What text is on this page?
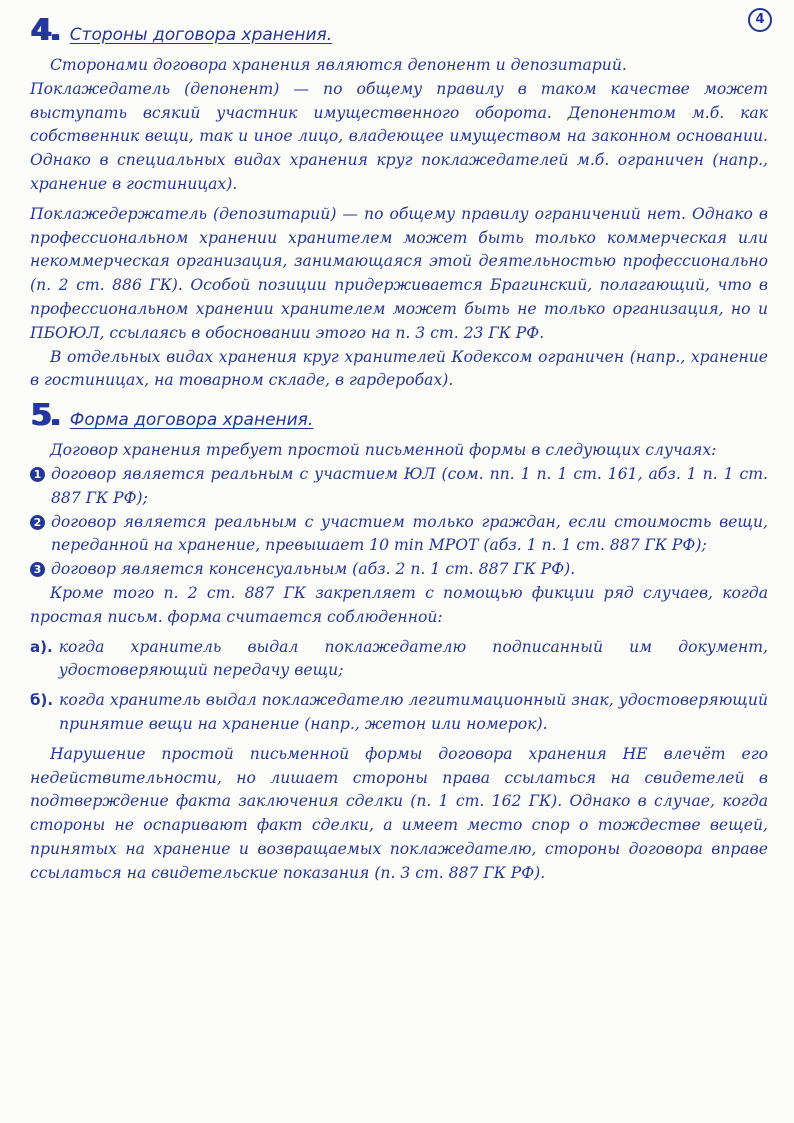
4
4. Стороны договора хранения.

Сторонами договора хранения являются депонент и депозитарий.

Поклажедатель (депонент) — по общему правилу в таком качестве может выступать всякий участник имущественного оборота. Депонентом м.б. как собственник вещи, так и иное лицо, владеющее имуществом на законном основании. Однако в специальных видах хранения круг поклажедателей м.б. ограничен (напр., хранение в гостиницах).

Поклажедержатель (депозитарий) — по общему правилу ограничений нет. Однако в профессиональном хранении хранителем может быть только коммерческая или некоммерческая организация, занимающаяся этой деятельностью профессионально (п. 2 ст. 886 ГК). Особой позиции придерживается Брагинский, полагающий, что в профессиональном хранении хранителем может быть не только организация, но и ПБОЮЛ, ссылаясь в обосновании этого на п. 3 ст. 23 ГК РФ.

В отдельных видах хранения круг хранителей Кодексом ограничен (напр., хранение в гостиницах, на товарном складе, в гардеробах).

5. Форма договора хранения.

Договор хранения требует простой письменной формы в следующих случаях:

1 договор является реальным с участием ЮЛ (сом. пп. 1 п. 1 ст. 161, абз. 1 п. 1 ст. 887 ГК РФ);

2 договор является реальным с участием только граждан, если стоимость вещи, переданной на хранение, превышает 10 min МРОТ (абз. 1 п. 1 ст. 887 ГК РФ);

3 договор является консенсуальным (абз. 2 п. 1 ст. 887 ГК РФ).

Кроме того п. 2 ст. 887 ГК закрепляет с помощью фикции ряд случаев, когда простая письм. форма считается соблюденной:

а). когда хранитель выдал поклажедателю подписанный им документ, удостоверяющий передачу вещи;

б). когда хранитель выдал поклажедателю легитимационный знак, удостоверяющий принятие вещи на хранение (напр., жетон или номерок).

Нарушение простой письменной формы договора хранения НЕ влечёт его недействительности, но лишает стороны права ссылаться на свидетелей в подтверждение факта заключения сделки (п. 1 ст. 162 ГК). Однако в случае, когда стороны не оспаривают факт сделки, а имеет место спор о тождестве вещей, принятых на хранение и возвращаемых поклажедателю, стороны договора вправе ссылаться на свидетельские показания (п. 3 ст. 887 ГК РФ).
